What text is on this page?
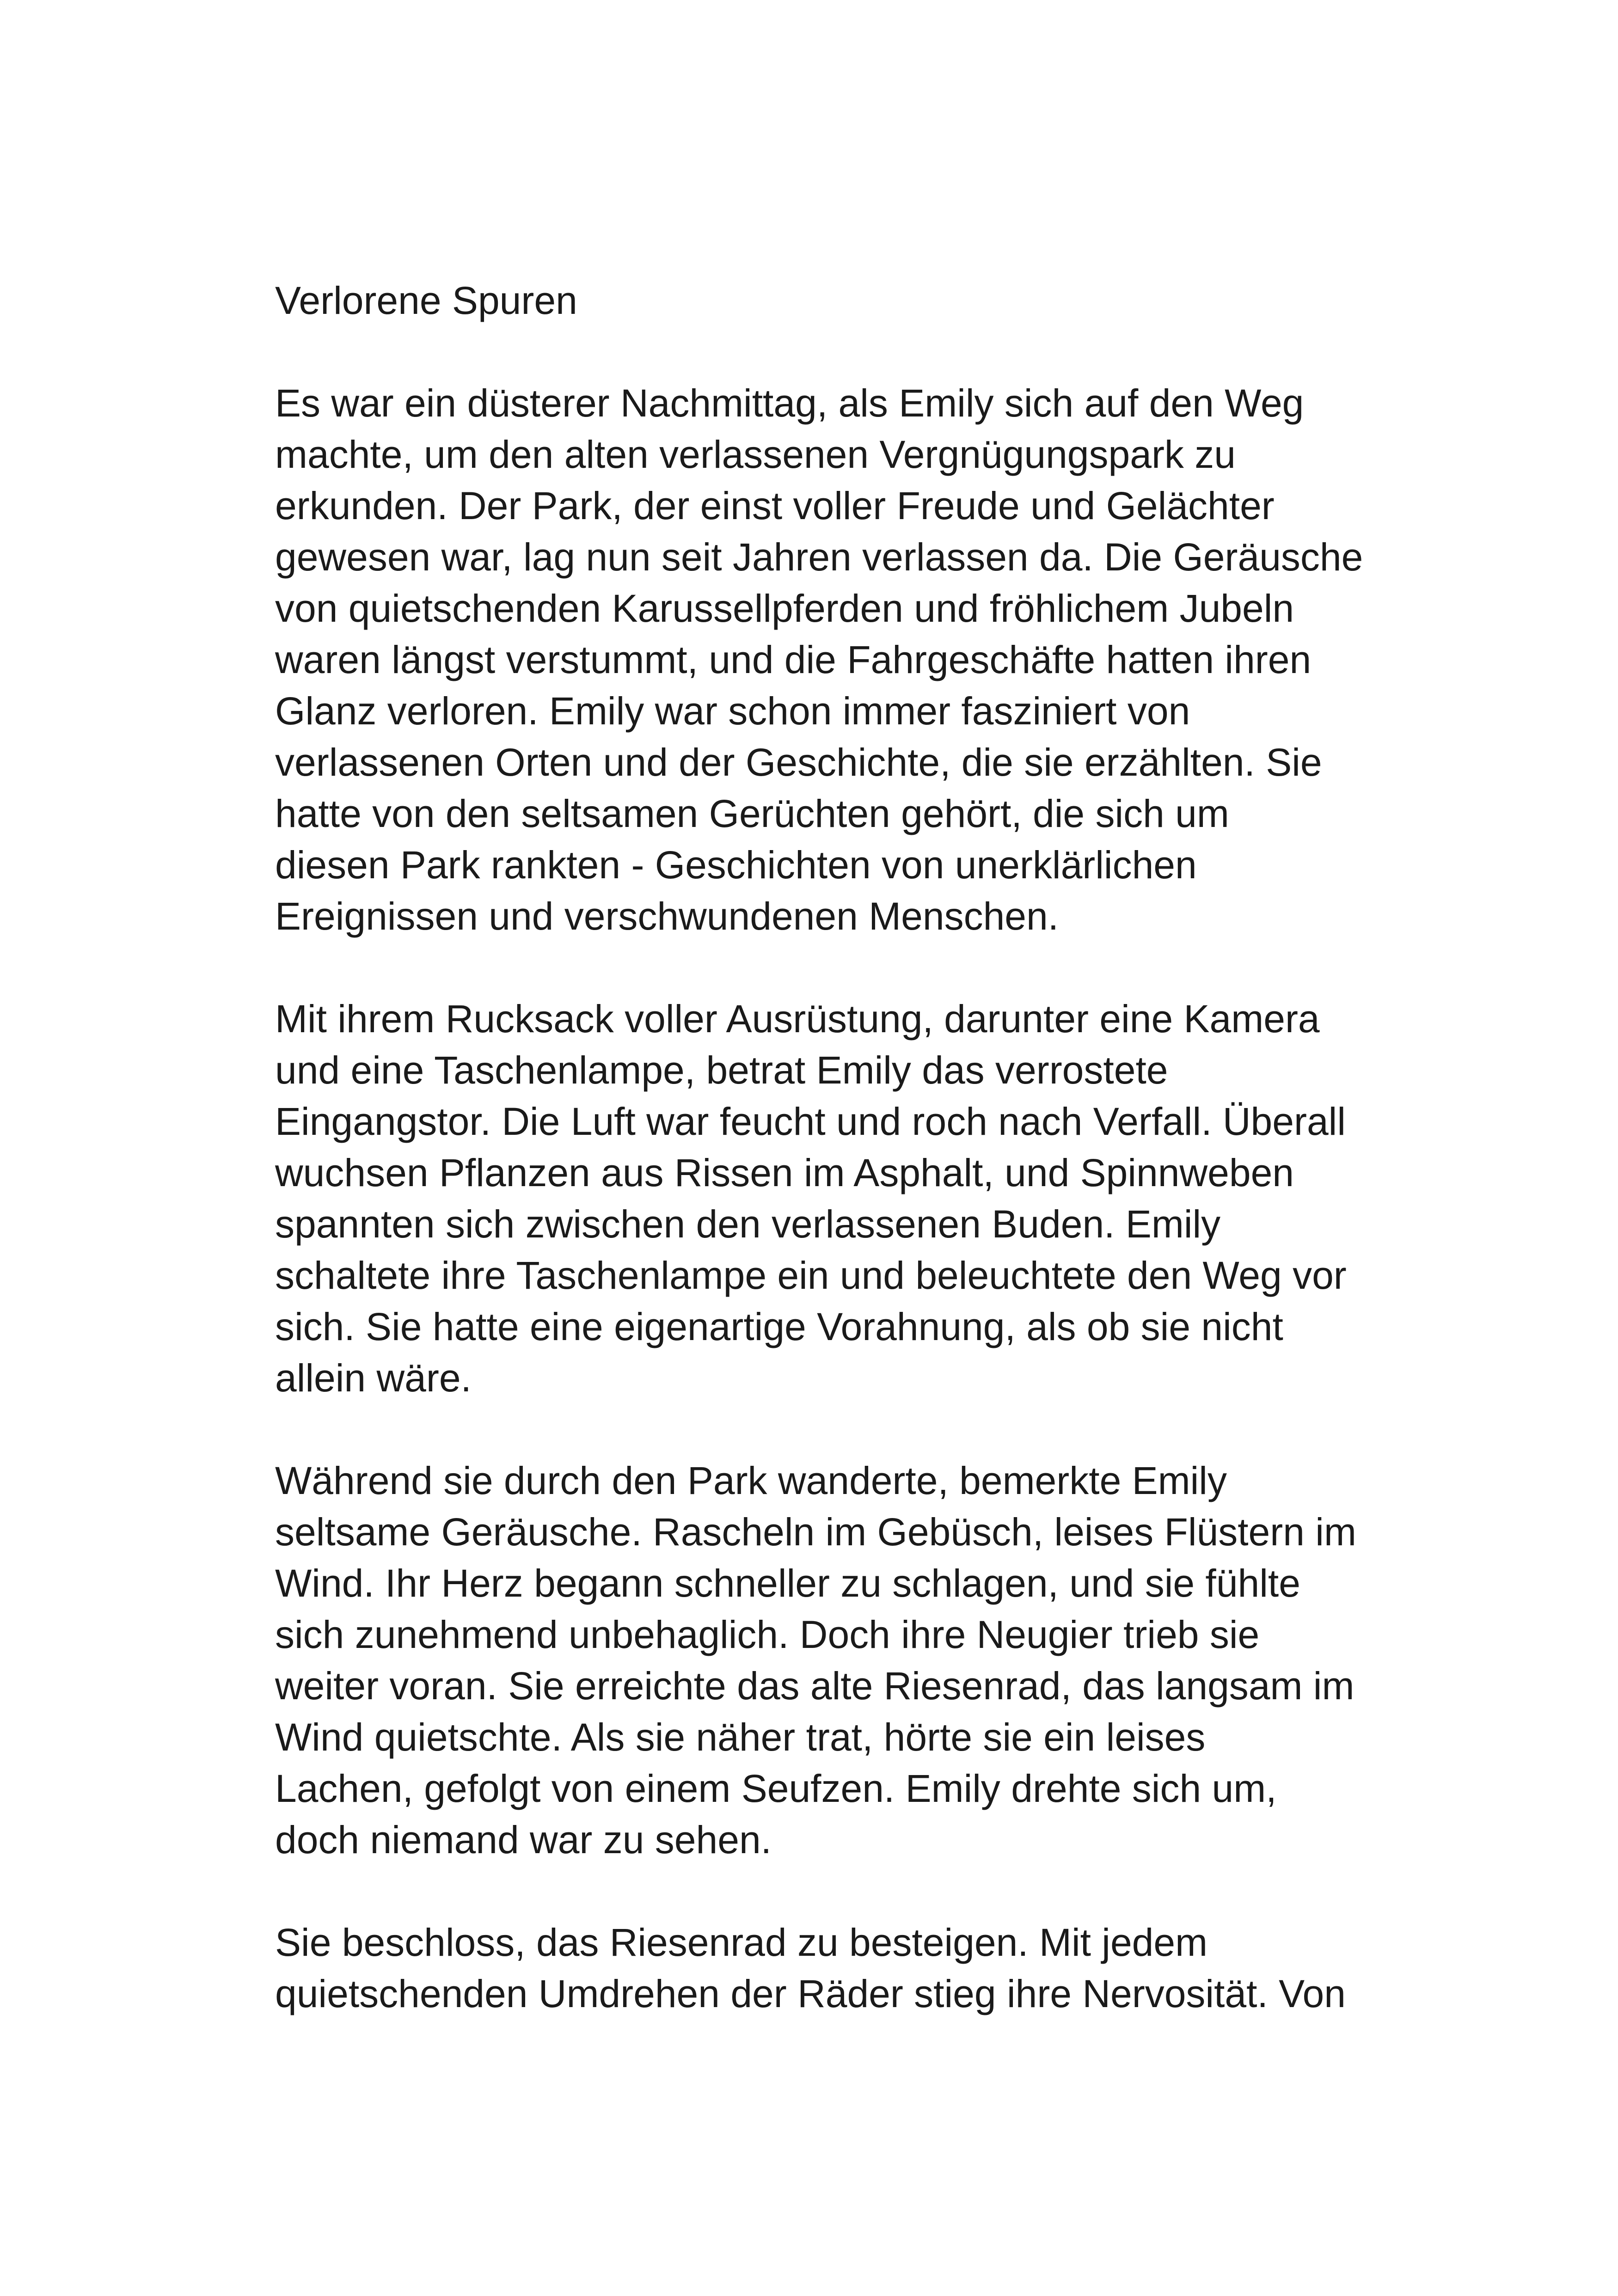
Verlorene Spuren
Es war ein düsterer Nachmittag, als Emily sich auf den Weg
machte, um den alten verlassenen Vergnügungspark zu
erkunden. Der Park, der einst voller Freude und Gelächter
gewesen war, lag nun seit Jahren verlassen da. Die Geräusche
von quietschenden Karussellpferden und fröhlichem Jubeln
waren längst verstummt, und die Fahrgeschäfte hatten ihren
Glanz verloren. Emily war schon immer fasziniert von
verlassenen Orten und der Geschichte, die sie erzählten. Sie
hatte von den seltsamen Gerüchten gehört, die sich um
diesen Park rankten - Geschichten von unerklärlichen
Ereignissen und verschwundenen Menschen.
Mit ihrem Rucksack voller Ausrüstung, darunter eine Kamera
und eine Taschenlampe, betrat Emily das verrostete
Eingangstor. Die Luft war feucht und roch nach Verfall. Überall
wuchsen Pflanzen aus Rissen im Asphalt, und Spinnweben
spannten sich zwischen den verlassenen Buden. Emily
schaltete ihre Taschenlampe ein und beleuchtete den Weg vor
sich. Sie hatte eine eigenartige Vorahnung, als ob sie nicht
allein wäre.
Während sie durch den Park wanderte, bemerkte Emily
seltsame Geräusche. Rascheln im Gebüsch, leises Flüstern im
Wind. Ihr Herz begann schneller zu schlagen, und sie fühlte
sich zunehmend unbehaglich. Doch ihre Neugier trieb sie
weiter voran. Sie erreichte das alte Riesenrad, das langsam im
Wind quietschte. Als sie näher trat, hörte sie ein leises
Lachen, gefolgt von einem Seufzen. Emily drehte sich um,
doch niemand war zu sehen.
Sie beschloss, das Riesenrad zu besteigen. Mit jedem
quietschenden Umdrehen der Räder stieg ihre Nervosität. Von
